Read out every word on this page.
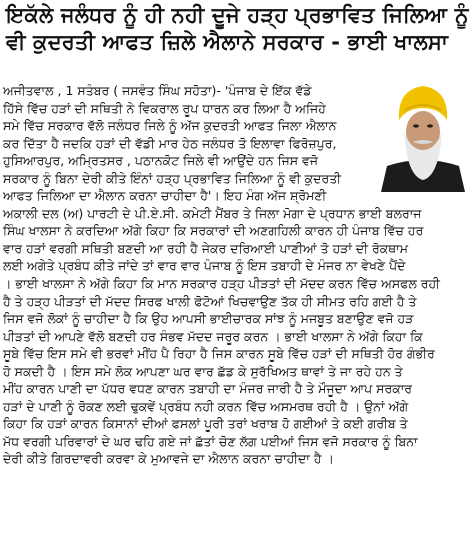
ਇਕੱਲੇ ਜਲੰਧਰ ਨੂੰ ਹੀ ਨਹੀ ਦੂਜੇ ਹੜ੍ਹ ਪ੍ਰਭਾਵਿਤ ਜਿਲਿਆ ਨੂੰ
ਵੀ ਕੁਦਰਤੀ ਆਫਤ ਜ਼ਿਲੇ ਐਲਾਨੇ ਸਰਕਾਰ - ਭਾਈ ਖਾਲਸਾ
ਅਜੀਤਵਾਲ , 1 ਸਤੰਬਰ ( ਜਸਵੰਤ ਸਿੰਘ ਸਹੋਤਾ)- 'ਪੰਜਾਬ ਦੇ ਇੱਕ ਵੱਡੇ
ਹਿੱਸੇ ਵਿੱਚ ਹੜਾਂ ਦੀ ਸਥਿਤੀ ਨੇ ਵਿਕਰਾਲ ਰੂਪ ਧਾਰਨ ਕਰ ਲਿਆ ਹੈ ਅਜਿਹੇ
ਸਮੇ ਵਿੱਚ ਸਰਕਾਰ ਵੱਲੋ ਜਲੰਧਰ ਜਿਲੇ ਨੂੰ ਅੱਜ ਕੁਦਰਤੀ ਆਫਤ ਜਿਲਾ ਐਲਾਨ
ਕਰ ਦਿੱਤਾ ਹੈ ਜਦਕਿ ਹੜਾਂ ਦੀ ਵੱਡੀ ਮਾਰ ਹੇਠ ਜਲੰਧਰ ਤੋ ਇਲਾਵਾ ਫਿਰੋਜ਼ਪੁਰ,
ਹੁਸਿਆਰਪੁਰ, ਅਮ੍ਰਿਤਸਰ , ਪਠਾਨਕੋਟ ਜਿਲੇ ਵੀ ਆਉਂਦੇ ਹਨ ਜਿਸ ਵਜੋ
ਸਰਕਾਰ ਨੂੰ ਬਿਨਾ ਦੇਰੀ ਕੀਤੇ ਇੰਨਾਂ ਹੜ੍ਹ ਪ੍ਰਭਾਵਿਤ ਜਿਲਿਆ ਨੂੰ ਵੀ ਕੁਦਰਤੀ
ਆਫਤ ਜਿਲਿਆ ਦਾ ਐਲਾਨ ਕਰਨਾ ਚਾਹੀਦਾ ਹੈ'। ਇਹ ਮੰਗ ਅੱਜ ਸ਼੍ਰੋਮਣੀ
ਅਕਾਲੀ ਦਲ (ਅ) ਪਾਰਟੀ ਦੇ ਪੀ.ਏ.ਸੀ. ਕਮੇਟੀ ਮੈਂਬਰ ਤੇ ਜਿਲਾ ਮੋਗਾ ਦੇ ਪ੍ਰਧਾਨ ਭਾਈ ਬਲਰਾਜ
ਸਿੰਘ ਖਾਲਸਾ ਨੇ ਕਰਦਿਆ ਅੱਗੇ ਕਿਹਾ ਕਿ ਸਰਕਾਰਾਂ ਦੀ ਅਣਗਹਿਲੀ ਕਾਰਨ ਹੀ ਪੰਜਾਬ ਵਿੱਚ ਹਰ
ਵਾਰ ਹੜਾਂ ਵਰਗੀ ਸਥਿਤੀ ਬਣਦੀ ਆ ਰਹੀ ਹੈ ਜੇਕਰ ਦਰਿਆਈ ਪਾਣੀਆਂ ਤੋ ਹੜਾਂ ਦੀ ਰੋਕਥਾਮ
ਲਈ ਅਗੇਤੇ ਪ੍ਰਬੰਧ ਕੀਤੇ ਜਾਂਦੇ ਤਾਂ ਵਾਰ ਵਾਰ ਪੰਜਾਬ ਨੂੰ ਇਸ ਤਬਾਹੀ ਦੇ ਮੰਜਰ ਨਾ ਵੇਖਣੇ ਪੈਂਦੇ
। ਭਾਈ ਖਾਲਸਾ ਨੇ ਅੱਗੇ ਕਿਹਾ ਕਿ ਮਾਨ ਸਰਕਾਰ ਹੜ੍ਹ ਪੀੜਤਾਂ ਦੀ ਮੱਦਦ ਕਰਨ ਵਿੱਚ ਅਸਫਲ ਰਹੀ
ਹੈ ਤੇ ਹੜ੍ਹ ਪੀੜਤਾਂ ਦੀ ਮੱਦਦ ਸਿਰਫ ਖਾਲੀ ਫੋਟੋਆਂ ਖਿਚਵਾਉਣ ਤੱਕ ਹੀ ਸੀਮਤ ਰਹਿ ਗਈ ਹੈ ਤੇ
ਜਿਸ ਵਜੋ ਲੋਕਾਂ ਨੂੰ ਚਾਹੀਦਾ ਹੈ ਕਿ ਉਹ ਆਪਸੀ ਭਾਈਚਾਰਕ ਸਾਂਝ ਨੂੰ ਮਜਬੂਤ ਬਣਾਉਣ ਵਜੋ ਹੜ
ਪੀੜਤਾਂ ਦੀ ਆਪਣੇ ਵੱਲੋ ਬਣਦੀ ਹਰ ਸੰਭਵ ਮੱਦਦ ਜਰੂਰ ਕਰਨ । ਭਾਈ ਖਾਲਸਾ ਨੇ ਅੱਗੇ ਕਿਹਾ ਕਿ
ਸੂਬੇ ਵਿੱਚ ਇਸ ਸਮੇ ਵੀ ਭਰਵਾਂ ਮੀਂਹ ਪੈ ਰਿਹਾ ਹੈ ਜਿਸ ਕਾਰਨ ਸੂਬੇ ਵਿੱਚ ਹੜਾਂ ਦੀ ਸਥਿਤੀ ਹੋਰ ਗੰਭੀਰ
ਹੋ ਸਕਦੀ ਹੈ । ਇਸ ਸਮੇ ਲੋਕ ਆਪਣਾ ਘਰ ਵਾਰ ਛੱਡ ਕੇ ਸੁਰੱਖਿਅਤ ਥਾਵਾਂ ਤੇ ਜਾ ਰਹੇ ਹਨ ਤੇ
ਮੀਂਹ ਕਾਰਨ ਪਾਣੀ ਦਾ ਪੱਧਰ ਵਧਣ ਕਾਰਨ ਤਬਾਹੀ ਦਾ ਮੰਜਰ ਜਾਰੀ ਹੈ ਤੇ ਮੌਜੂਦਾ ਆਪ ਸਰਕਾਰ
ਹੜਾਂ ਦੇ ਪਾਣੀ ਨੂੰ ਰੋਕਣ ਲਈ ਢੁਕਵੇਂ ਪ੍ਰਬੰਧ ਨਹੀ ਕਰਨ ਵਿੱਚ ਅਸਮਰਥ ਰਹੀ ਹੈ । ਉਨਾਂ ਅੱਗੇ
ਕਿਹਾ ਕਿ ਹੜਾਂ ਕਾਰਨ ਕਿਸਾਨਾਂ ਦੀਆਂ ਫਸਲਾਂ ਪੂਰੀ ਤਰਾਂ ਖਰਾਬ ਹੋ ਗਈਆਂ ਤੇ ਕਈ ਗਰੀਬ ਤੇ
ਮੱਧ ਵਰਗੀ ਪਰਿਵਾਰਾਂ ਦੇ ਘਰ ਢਹਿ ਗਏ ਜਾਂ ਛੱਤਾਂ ਚੋਣ ਲੱਗ ਪਈਆਂ ਜਿਸ ਵਜੋ ਸਰਕਾਰ ਨੂੰ ਬਿਨਾ
ਦੇਰੀ ਕੀਤੇ ਗਿਰਦਾਵਰੀ ਕਰਵਾ ਕੇ ਮੁਆਵਜੇ ਦਾ ਐਲਾਨ ਕਰਨਾ ਚਾਹੀਦਾ ਹੈ ।
